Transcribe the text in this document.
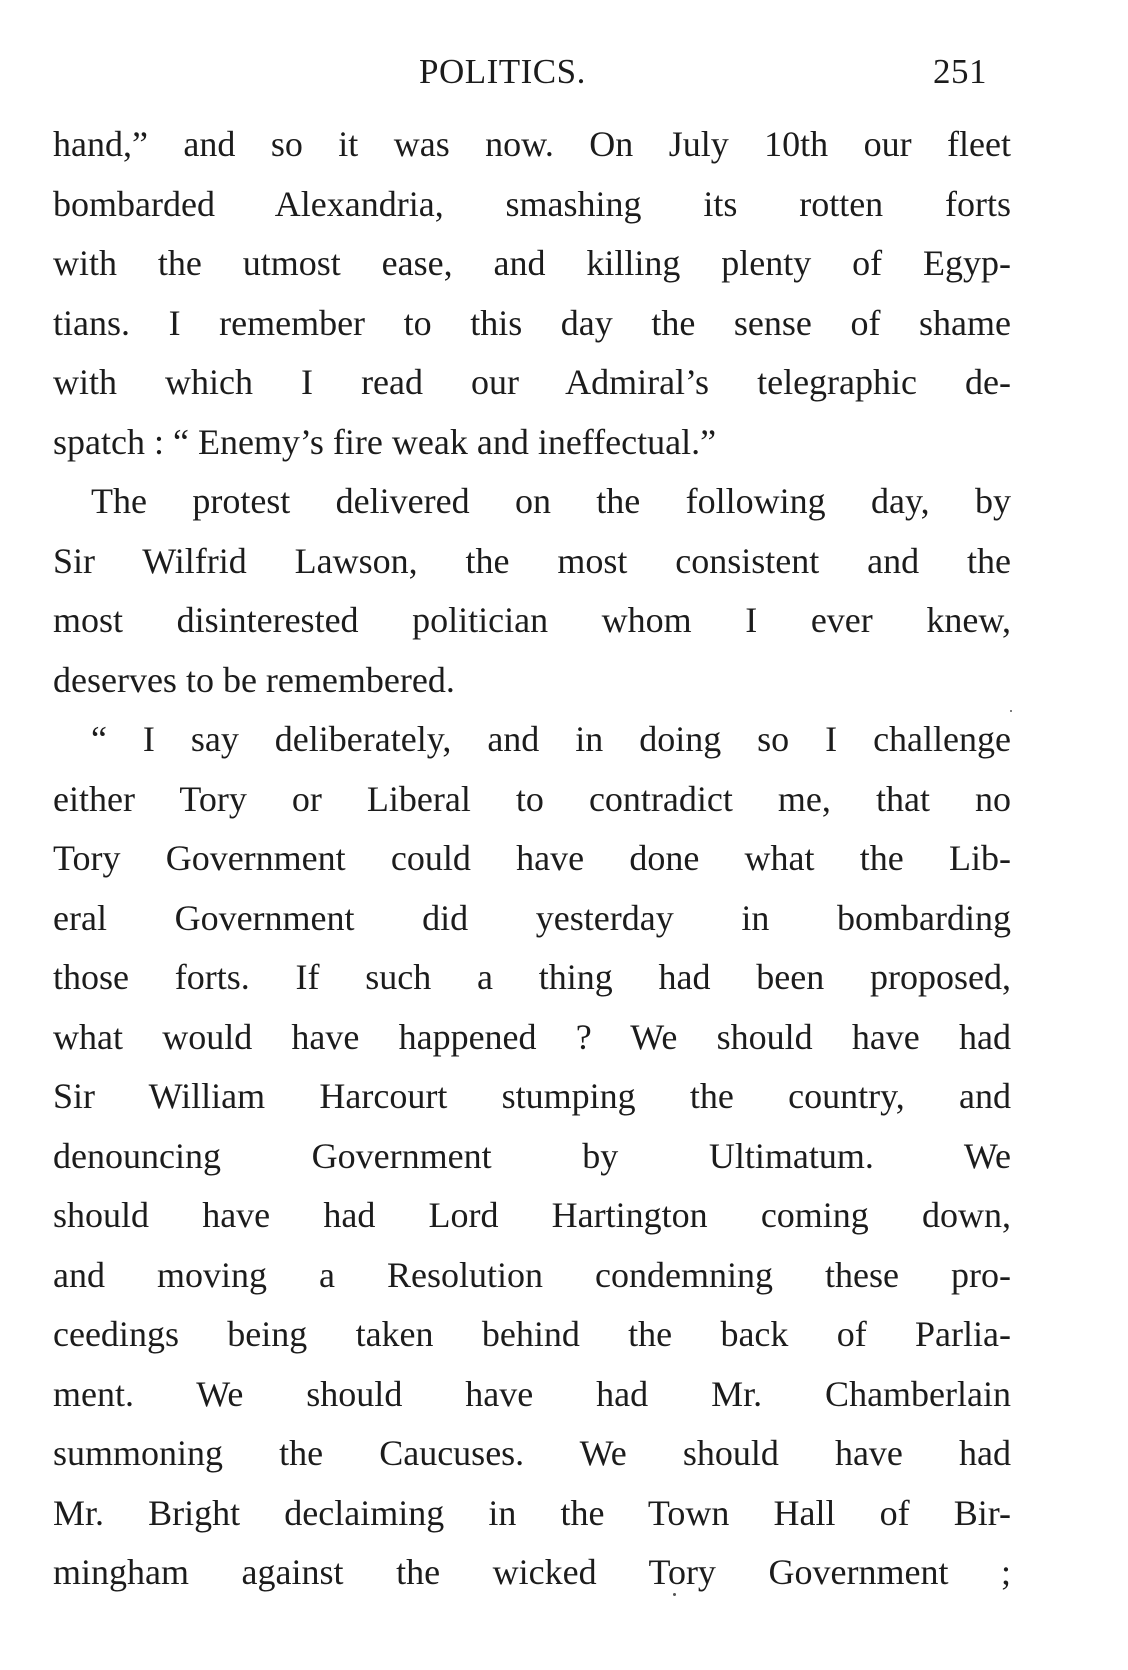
POLITICS.	251
hand,” and so it was now. On July 10th our fleet
bombarded Alexandria, smashing its rotten forts
with the utmost ease, and killing plenty of Egyp-
tians. I remember to this day the sense of shame
with which I read our Admiral’s telegraphic de-
spatch : “ Enemy’s fire weak and ineffectual.”
The protest delivered on the following day, by
Sir Wilfrid Lawson, the most consistent and the
most disinterested politician whom I ever knew,
deserves to be remembered.
“ I say deliberately, and in doing so I challenge
either Tory or Liberal to contradict me, that no
Tory Government could have done what the Lib-
eral Government did yesterday in bombarding
those forts. If such a thing had been proposed,
what would have happened ? We should have had
Sir William Harcourt stumping the country, and
denouncing Government by Ultimatum. We
should have had Lord Hartington coming down,
and moving a Resolution condemning these pro-
ceedings being taken behind the back of Parlia-
ment. We should have had Mr. Chamberlain
summoning the Caucuses. We should have had
Mr. Bright declaiming in the Town Hall of Bir-
mingham against the wicked Tory Government ;
